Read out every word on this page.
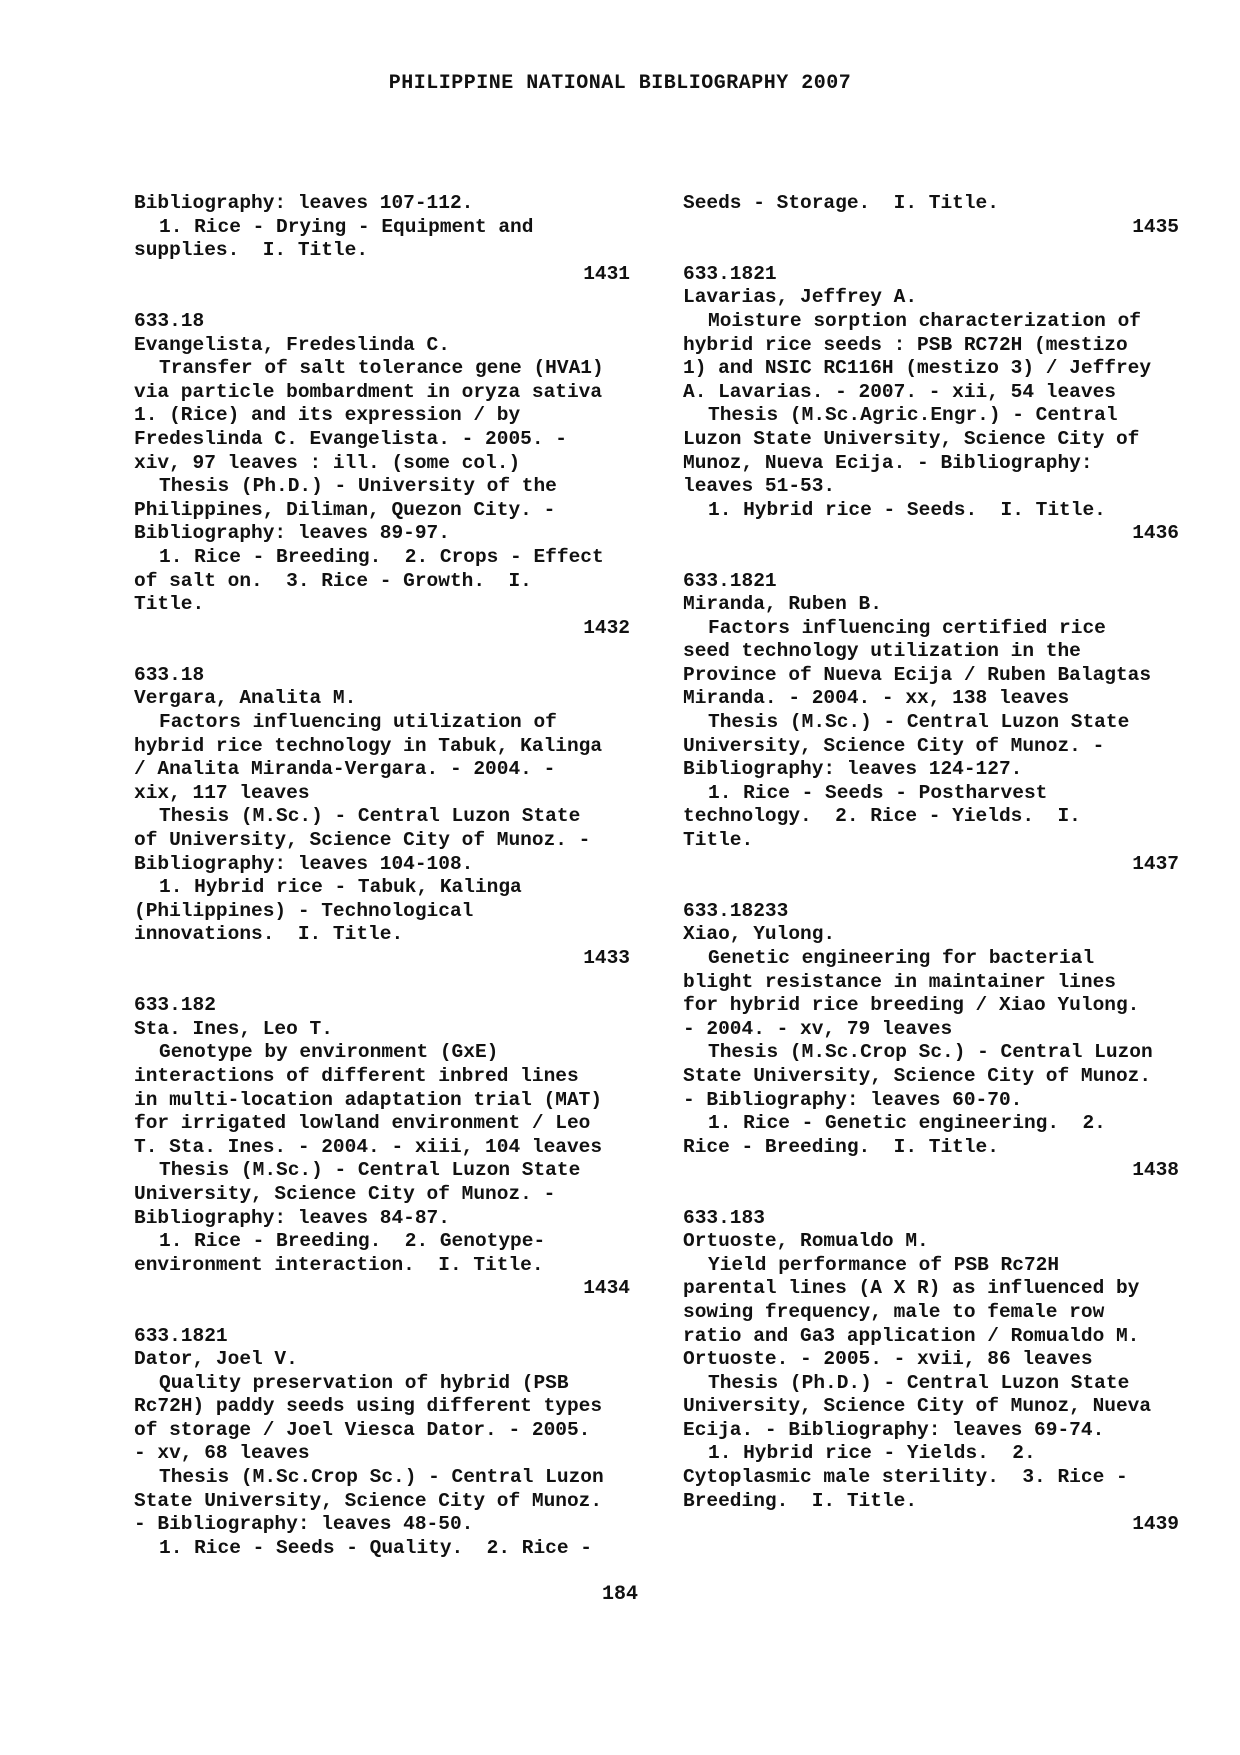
PHILIPPINE NATIONAL BIBLIOGRAPHY 2007
Bibliography: leaves 107-112.
1. Rice - Drying - Equipment and
supplies.  I. Title.
1431
633.18
Evangelista, Fredeslinda C.
Transfer of salt tolerance gene (HVA1)
via particle bombardment in oryza sativa
1. (Rice) and its expression / by
Fredeslinda C. Evangelista. - 2005. -
xiv, 97 leaves : ill. (some col.)
Thesis (Ph.D.) - University of the
Philippines, Diliman, Quezon City. -
Bibliography: leaves 89-97.
1. Rice - Breeding.  2. Crops - Effect
of salt on.  3. Rice - Growth.  I.
Title.
1432
633.18
Vergara, Analita M.
Factors influencing utilization of
hybrid rice technology in Tabuk, Kalinga
/ Analita Miranda-Vergara. - 2004. -
xix, 117 leaves
Thesis (M.Sc.) - Central Luzon State
of University, Science City of Munoz. -
Bibliography: leaves 104-108.
1. Hybrid rice - Tabuk, Kalinga
(Philippines) - Technological
innovations.  I. Title.
1433
633.182
Sta. Ines, Leo T.
Genotype by environment (GxE)
interactions of different inbred lines
in multi-location adaptation trial (MAT)
for irrigated lowland environment / Leo
T. Sta. Ines. - 2004. - xiii, 104 leaves
Thesis (M.Sc.) - Central Luzon State
University, Science City of Munoz. -
Bibliography: leaves 84-87.
1. Rice - Breeding.  2. Genotype-
environment interaction.  I. Title.
1434
633.1821
Dator, Joel V.
Quality preservation of hybrid (PSB
Rc72H) paddy seeds using different types
of storage / Joel Viesca Dator. - 2005.
- xv, 68 leaves
Thesis (M.Sc.Crop Sc.) - Central Luzon
State University, Science City of Munoz.
- Bibliography: leaves 48-50.
1. Rice - Seeds - Quality.  2. Rice -
Seeds - Storage.  I. Title.
1435
633.1821
Lavarias, Jeffrey A.
Moisture sorption characterization of
hybrid rice seeds : PSB RC72H (mestizo
1) and NSIC RC116H (mestizo 3) / Jeffrey
A. Lavarias. - 2007. - xii, 54 leaves
Thesis (M.Sc.Agric.Engr.) - Central
Luzon State University, Science City of
Munoz, Nueva Ecija. - Bibliography:
leaves 51-53.
1. Hybrid rice - Seeds.  I. Title.
1436
633.1821
Miranda, Ruben B.
Factors influencing certified rice
seed technology utilization in the
Province of Nueva Ecija / Ruben Balagtas
Miranda. - 2004. - xx, 138 leaves
Thesis (M.Sc.) - Central Luzon State
University, Science City of Munoz. -
Bibliography: leaves 124-127.
1. Rice - Seeds - Postharvest
technology.  2. Rice - Yields.  I.
Title.
1437
633.18233
Xiao, Yulong.
Genetic engineering for bacterial
blight resistance in maintainer lines
for hybrid rice breeding / Xiao Yulong.
- 2004. - xv, 79 leaves
Thesis (M.Sc.Crop Sc.) - Central Luzon
State University, Science City of Munoz.
- Bibliography: leaves 60-70.
1. Rice - Genetic engineering.  2.
Rice - Breeding.  I. Title.
1438
633.183
Ortuoste, Romualdo M.
Yield performance of PSB Rc72H
parental lines (A X R) as influenced by
sowing frequency, male to female row
ratio and Ga3 application / Romualdo M.
Ortuoste. - 2005. - xvii, 86 leaves
Thesis (Ph.D.) - Central Luzon State
University, Science City of Munoz, Nueva
Ecija. - Bibliography: leaves 69-74.
1. Hybrid rice - Yields.  2.
Cytoplasmic male sterility.  3. Rice -
Breeding.  I. Title.
1439
184
